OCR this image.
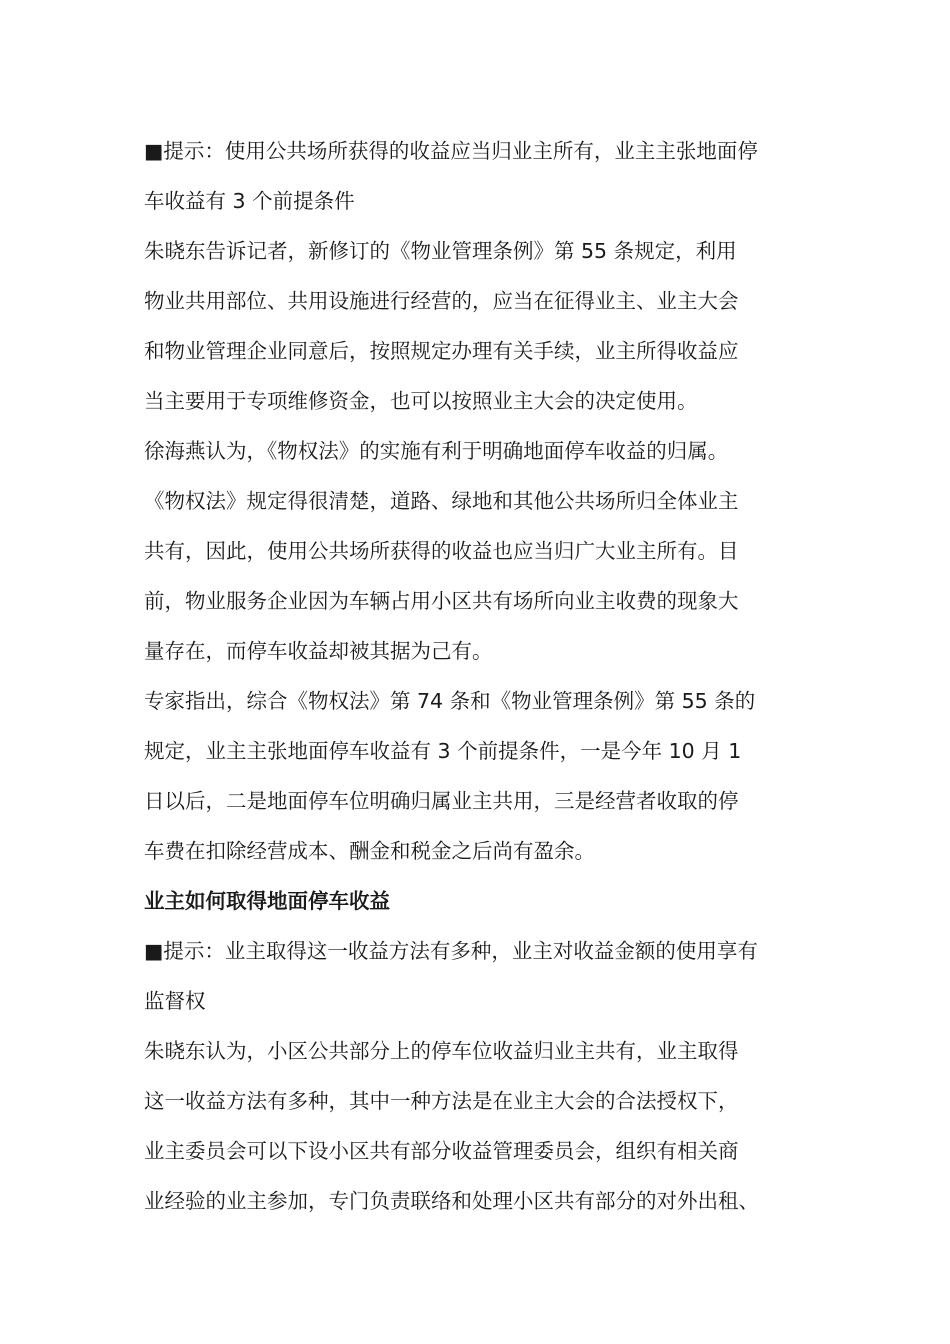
■提示：使用公共场所获得的收益应当归业主所有，业主主张地面停
车收益有 3 个前提条件

朱晓东告诉记者，新修订的《物业管理条例》第 55 条规定，利用
物业共用部位、共用设施进行经营的，应当在征得业主、业主大会
和物业管理企业同意后，按照规定办理有关手续，业主所得收益应
当主要用于专项维修资金，也可以按照业主大会的决定使用。

徐海燕认为，《物权法》的实施有利于明确地面停车收益的归属。
《物权法》规定得很清楚，道路、绿地和其他公共场所归全体业主
共有，因此，使用公共场所获得的收益也应当归广大业主所有。目
前，物业服务企业因为车辆占用小区共有场所向业主收费的现象大
量存在，而停车收益却被其据为己有。

专家指出，综合《物权法》第 74 条和《物业管理条例》第 55 条的
规定，业主主张地面停车收益有 3 个前提条件，一是今年 10 月 1
日以后，二是地面停车位明确归属业主共用，三是经营者收取的停
车费在扣除经营成本、酬金和税金之后尚有盈余。

业主如何取得地面停车收益

■提示：业主取得这一收益方法有多种，业主对收益金额的使用享有
监督权

朱晓东认为，小区公共部分上的停车位收益归业主共有，业主取得
这一收益方法有多种，其中一种方法是在业主大会的合法授权下，
业主委员会可以下设小区共有部分收益管理委员会，组织有相关商
业经验的业主参加，专门负责联络和处理小区共有部分的对外出租、
